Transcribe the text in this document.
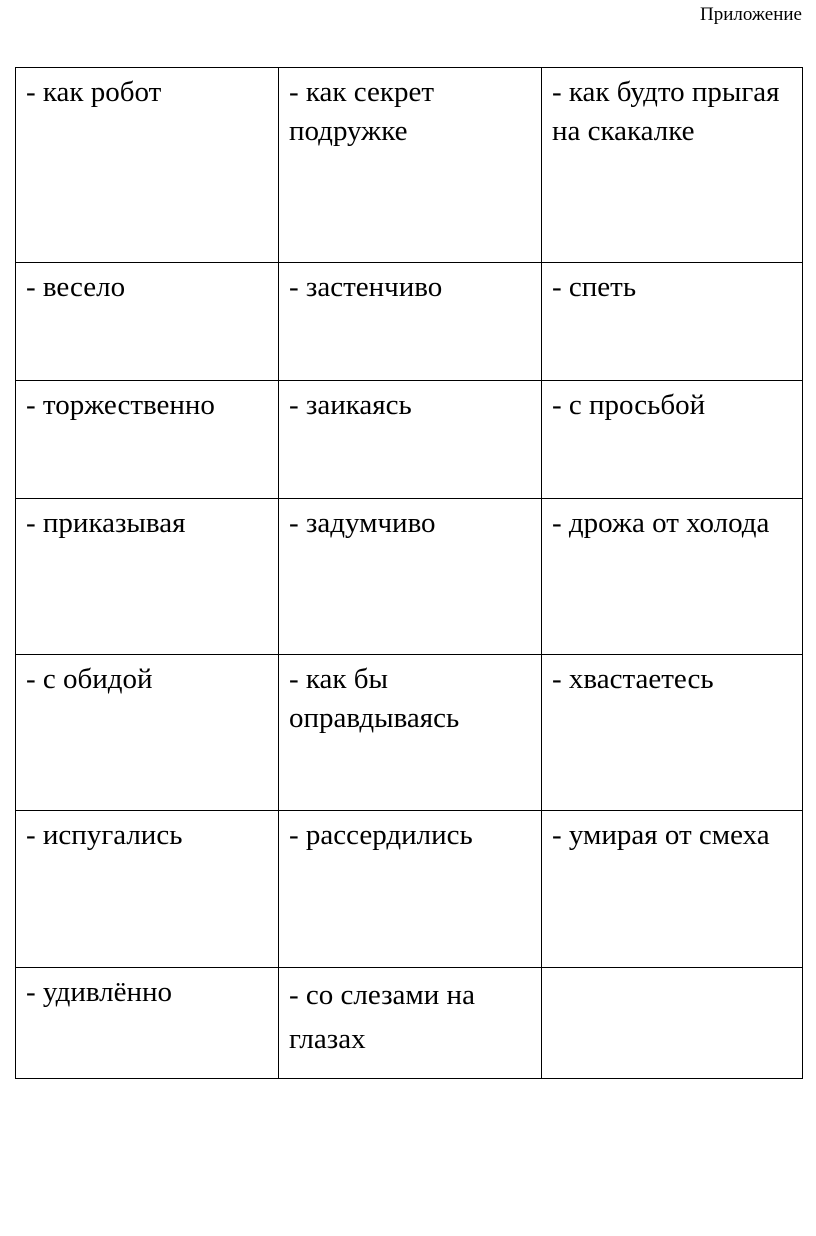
Приложение
- как робот	- как секрет подружке	- как будто прыгая на скакалке
- весело	- застенчиво	- спеть
- торжественно	- заикаясь	- с просьбой
- приказывая	- задумчиво	- дрожа от холода
- с обидой	- как бы оправдываясь	- хвастаетесь
- испугались	- рассердились	- умирая от смеха
- удивлённо	- со слезами на глазах	
